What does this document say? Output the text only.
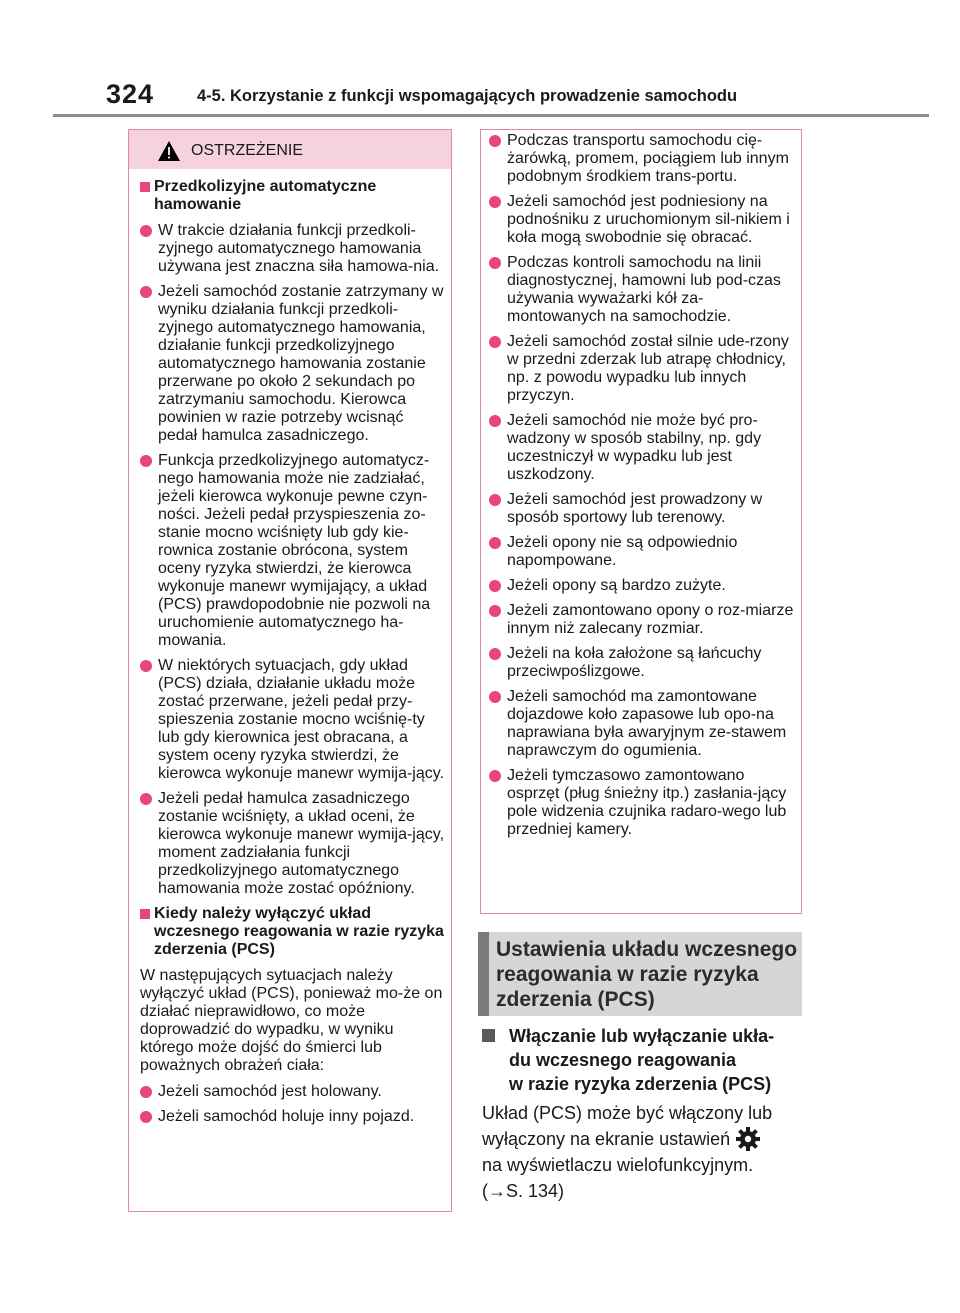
324	4-5. Korzystanie z funkcji wspomagających prowadzenie samochodu
OSTRZEŻENIE
Przedkolizyjne automatyczne hamowanie
W trakcie działania funkcji przedkoli-zyjnego automatycznego hamowania używana jest znaczna siła hamowa-nia.
Jeżeli samochód zostanie zatrzymany w wyniku działania funkcji przedkoli-zyjnego automatycznego hamowania, działanie funkcji przedkolizyjnego automatycznego hamowania zostanie przerwane po około 2 sekundach po zatrzymaniu samochodu. Kierowca powinien w razie potrzeby wcisnąć pedał hamulca zasadniczego.
Funkcja przedkolizyjnego automatycz-nego hamowania może nie zadziałać, jeżeli kierowca wykonuje pewne czyn-ności. Jeżeli pedał przyspieszenia zo-stanie mocno wciśnięty lub gdy kie-rownica zostanie obrócona, system oceny ryzyka stwierdzi, że kierowca wykonuje manewr wymijający, a układ (PCS) prawdopodobnie nie pozwoli na uruchomienie automatycznego ha-mowania.
W niektórych sytuacjach, gdy układ (PCS) działa, działanie układu może zostać przerwane, jeżeli pedał przy-spieszenia zostanie mocno wciśnię-ty lub gdy kierownica jest obracana, a system oceny ryzyka stwierdzi, że kierowca wykonuje manewr wymija-jący.
Jeżeli pedał hamulca zasadniczego zostanie wciśnięty, a układ oceni, że kierowca wykonuje manewr wymija-jący, moment zadziałania funkcji przedkolizyjnego automatycznego hamowania może zostać opóźniony.
Kiedy należy wyłączyć układ wczesnego reagowania w razie ryzyka zderzenia (PCS)
W następujących sytuacjach należy wyłączyć układ (PCS), ponieważ mo-że on działać nieprawidłowo, co może doprowadzić do wypadku, w wyniku którego może dojść do śmierci lub poważnych obrażeń ciała:
Jeżeli samochód jest holowany.
Jeżeli samochód holuje inny pojazd.
Podczas transportu samochodu cię-żarówką, promem, pociągiem lub innym podobnym środkiem trans-portu.
Jeżeli samochód jest podniesiony na podnośniku z uruchomionym sil-nikiem i koła mogą swobodnie się obracać.
Podczas kontroli samochodu na linii diagnostycznej, hamowni lub pod-czas używania wyważarki kół za-montowanych na samochodzie.
Jeżeli samochód został silnie ude-rzony w przedni zderzak lub atrapę chłodnicy, np. z powodu wypadku lub innych przyczyn.
Jeżeli samochód nie może być pro-wadzony w sposób stabilny, np. gdy uczestniczył w wypadku lub jest uszkodzony.
Jeżeli samochód jest prowadzony w sposób sportowy lub terenowy.
Jeżeli opony nie są odpowiednio napompowane.
Jeżeli opony są bardzo zużyte.
Jeżeli zamontowano opony o roz-miarze innym niż zalecany rozmiar.
Jeżeli na koła założone są łańcuchy przeciwpoślizgowe.
Jeżeli samochód ma zamontowane dojazdowe koło zapasowe lub opo-na naprawiana była awaryjnym ze-stawem naprawczym do ogumienia.
Jeżeli tymczasowo zamontowano osprzęt (pług śnieżny itp.) zasłania-jący pole widzenia czujnika radaro-wego lub przedniej kamery.
Ustawienia układu wczesnego
reagowania w razie ryzyka
zderzenia (PCS)
Włączanie lub wyłączanie ukła-
du wczesnego reagowania
w razie ryzyka zderzenia (PCS)
Układ (PCS) może być włączony lub
wyłączony na ekranie ustawień
na wyświetlaczu wielofunkcyjnym.
(→S. 134)
